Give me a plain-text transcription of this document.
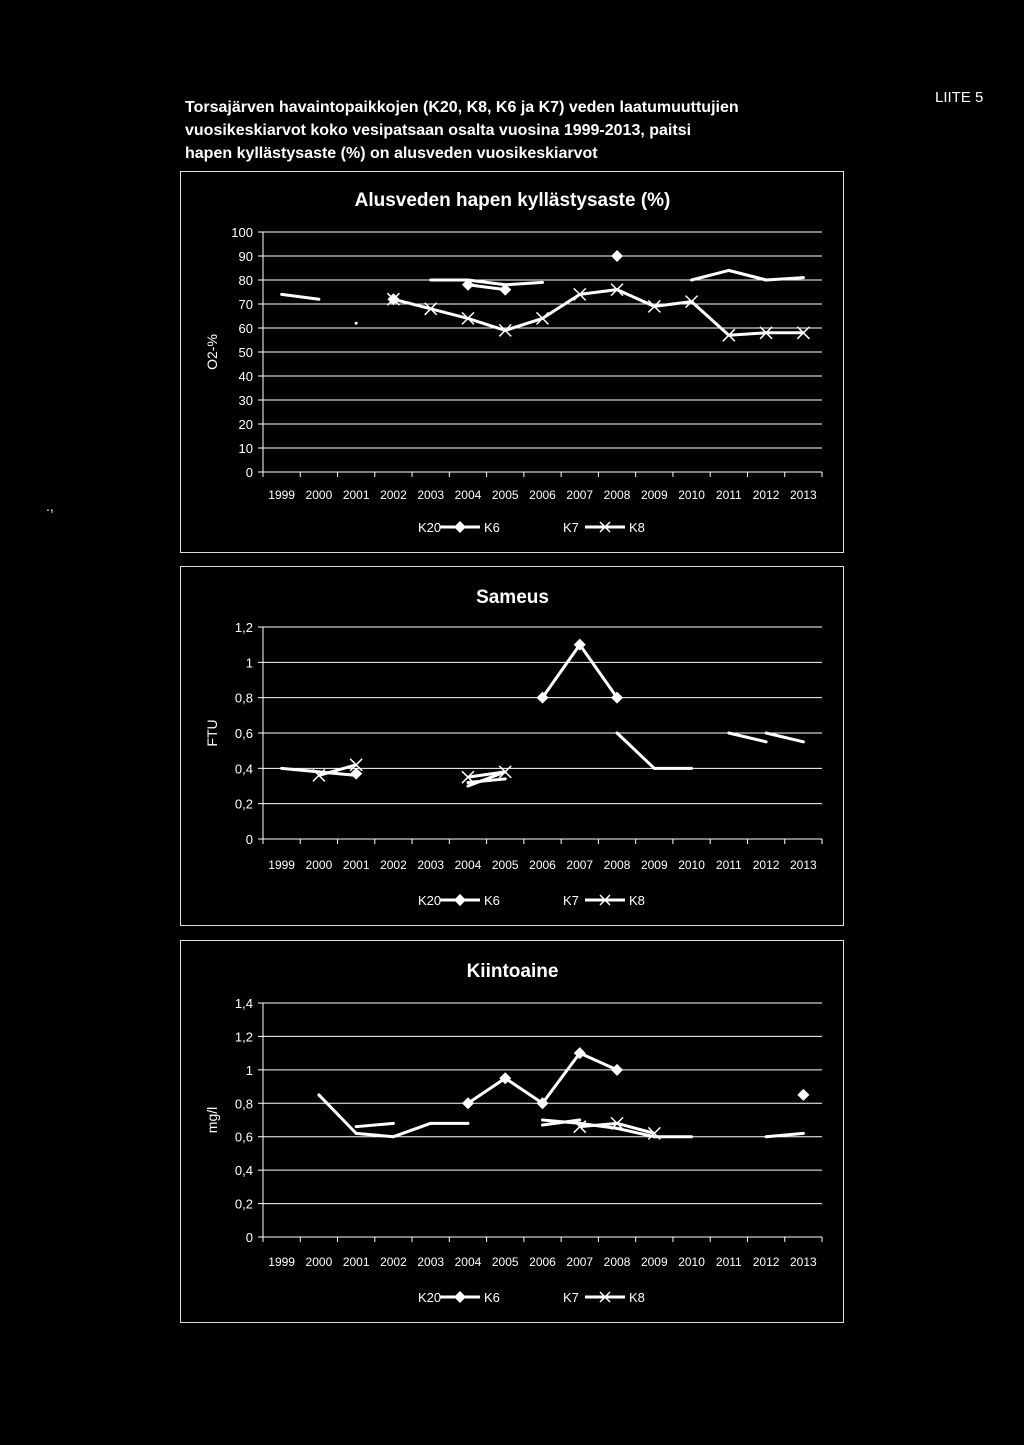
Torsajärven havaintopaikkojen (K20, K8, K6 ja K7) veden laatumuuttujien
vuosikeskiarvot koko vesipatsaan osalta vuosina 1999-2013, paitsi
hapen kyllästysaste (%) on alusveden vuosikeskiarvot
LIITE 5
.,
Alusveden hapen kyllästysaste (%)
0
10
20
30
40
50
60
70
80
90
100
O2-%
1999 2000 2001 2002 2003 2004 2005 2006 2007 2008 2009 2010 2011 2012 2013
K20	K6	K7	K8
Sameus
0
0,2
0,4
0,6
0,8
1
1,2
FTU
1999 2000 2001 2002 2003 2004 2005 2006 2007 2008 2009 2010 2011 2012 2013
K20	K6	K7	K8
Kiintoaine
0
0,2
0,4
0,6
0,8
1
1,2
1,4
mg/l
1999 2000 2001 2002 2003 2004 2005 2006 2007 2008 2009 2010 2011 2012 2013
K20	K6	K7	K8
